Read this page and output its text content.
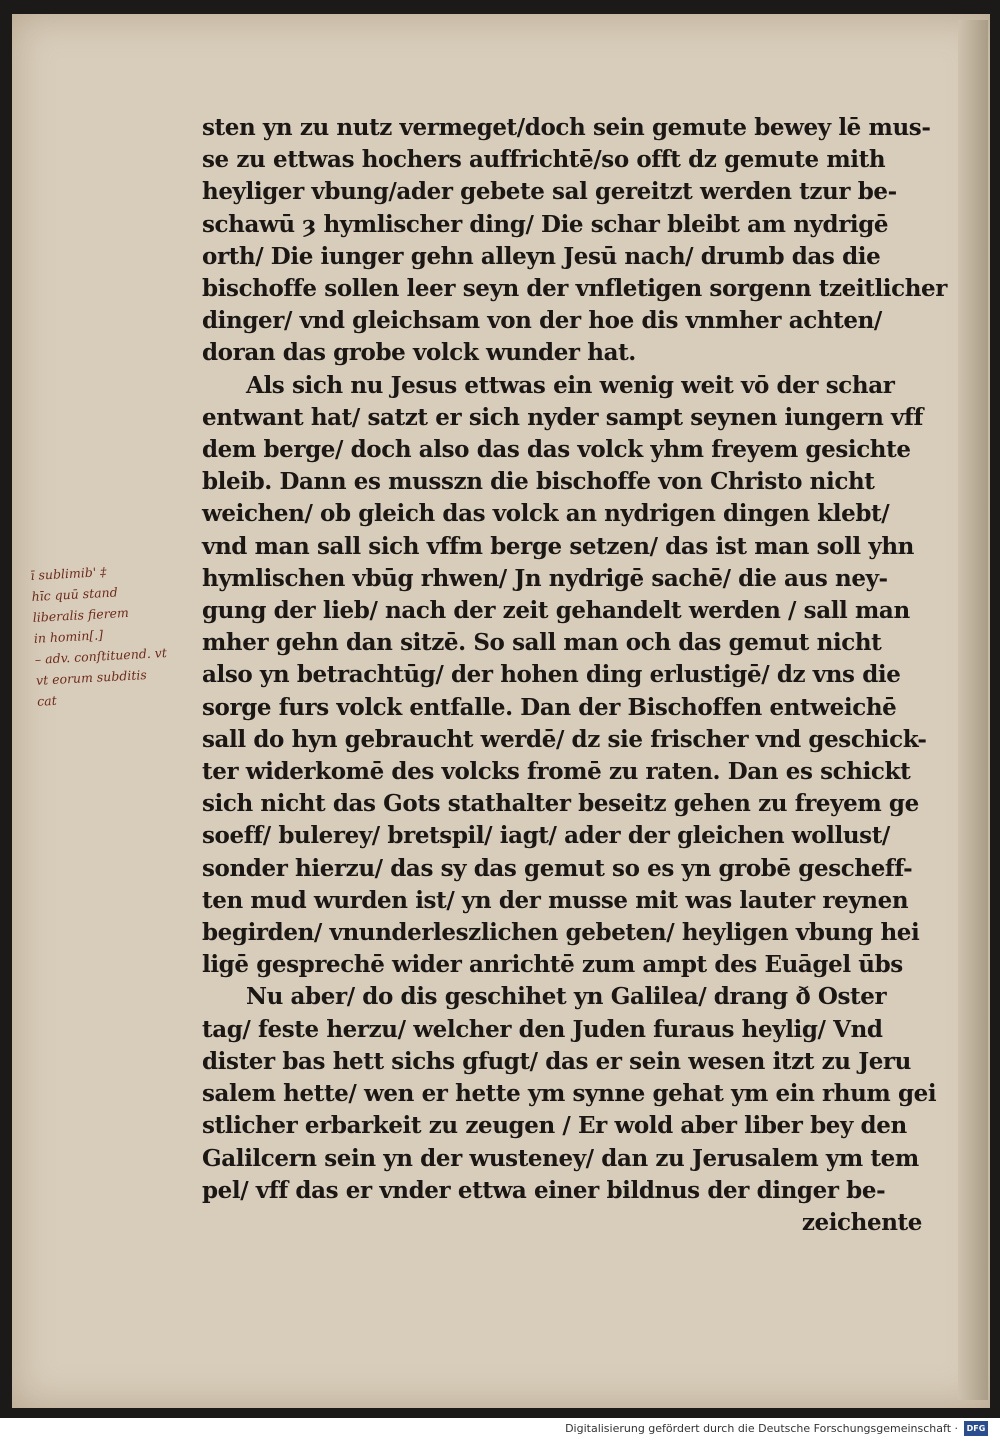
ī sublimib' ‡
hīc quū stand
liberalis fierem
in homin[.]
– adv. conſtituend. vt
vt eorum subditis
cat
sten yn zu nutz vermeget/doch sein gemute bewey lē mus-
se zu ettwas hochers auffrichtē/so offt dz gemute mith
heyliger vbung/ader gebete sal gereitzt werden tzur be-
schawū ȝ hymlischer ding/ Die schar bleibt am nydrigē
orth/ Die iunger gehn alleyn Jesū nach/ drumb das die
bischoffe sollen leer seyn der vnfletigen sorgenn tzeitlicher
dinger/ vnd gleichsam von der hoe dis vnmher achten/
doran das grobe volck wunder hat.
Als sich nu Jesus ettwas ein wenig weit vō der schar
entwant hat/ satzt er sich nyder sampt seynen iungern vff
dem berge/ doch also das das volck yhm freyem gesichte
bleib. Dann es musszn die bischoffe von Christo nicht
weichen/ ob gleich das volck an nydrigen dingen klebt/
vnd man sall sich vffm berge setzen/ das ist man soll yhn
hymlischen vbūg rhwen/ Jn nydrigē sachē/ die aus ney-
gung der lieb/ nach der zeit gehandelt werden / sall man
mher gehn dan sitzē. So sall man och das gemut nicht
also yn betrachtūg/ der hohen ding erlustigē/ dz vns die
sorge furs volck entfalle. Dan der Bischoffen entweichē
sall do hyn gebraucht werdē/ dz sie frischer vnd geschick-
ter widerkomē des volcks fromē zu raten. Dan es schickt
sich nicht das Gots stathalter beseitz gehen zu freyem ge
soeff/ bulerey/ bretspil/ iagt/ ader der gleichen wollust/
sonder hierzu/ das sy das gemut so es yn grobē gescheff-
ten mud wurden ist/ yn der musse mit was lauter reynen
begirden/ vnunderleszlichen gebeten/ heyligen vbung hei
ligē gesprechē wider anrichtē zum ampt des Euāgel ūbs
Nu aber/ do dis geschihet yn Galilea/ drang ð Oster
tag/ feste herzu/ welcher den Juden furaus heylig/ Vnd
dister bas hett sichs gfugt/ das er sein wesen itzt zu Jeru
salem hette/ wen er hette ym synne gehat ym ein rhum gei
stlicher erbarkeit zu zeugen / Er wold aber liber bey den
Galilcern sein yn der wusteney/ dan zu Jerusalem ym tem
pel/ vff das er vnder ettwa einer bildnus der dinger be-
zeichente
Digitalisierung gefördert durch die Deutsche Forschungsgemeinschaft ·	DFG
